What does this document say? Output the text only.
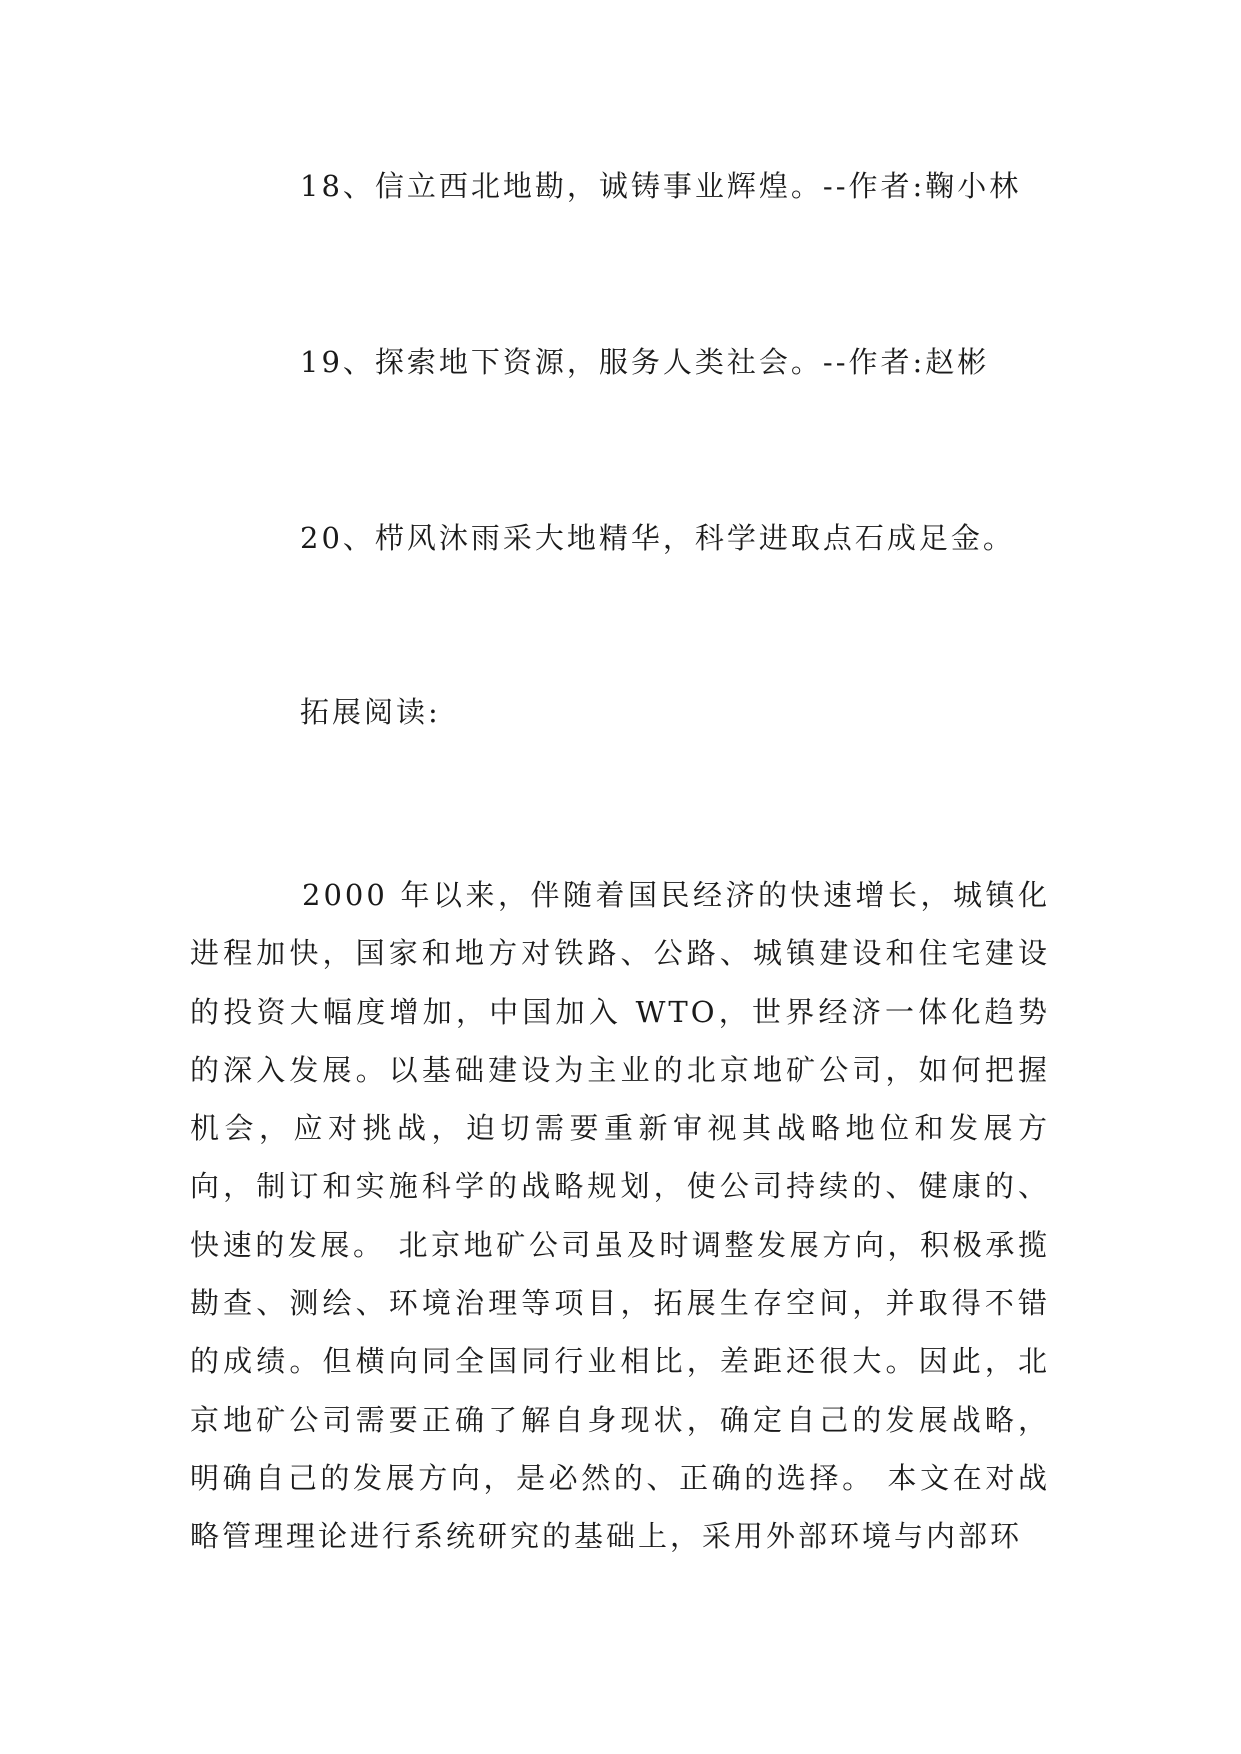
18、信立西北地勘，诚铸事业辉煌。--作者:鞠小林
19、探索地下资源，服务人类社会。--作者:赵彬
20、栉风沐雨采大地精华，科学进取点石成足金。
拓展阅读:

2000 年以来，伴随着国民经济的快速增长，城镇化进程加快，国家和地方对铁路、公路、城镇建设和住宅建设的投资大幅度增加，中国加入 WTO，世界经济一体化趋势的深入发展。以基础建设为主业的北京地矿公司，如何把握机会，应对挑战，迫切需要重新审视其战略地位和发展方向，制订和实施科学的战略规划，使公司持续的、健康的、快速的发展。 北京地矿公司虽及时调整发展方向，积极承揽勘查、测绘、环境治理等项目，拓展生存空间，并取得不错的成绩。但横向同全国同行业相比，差距还很大。因此，北京地矿公司需要正确了解自身现状，确定自己的发展战略，明确自己的发展方向，是必然的、正确的选择。 本文在对战略管理理论进行系统研究的基础上，采用外部环境与内部环
